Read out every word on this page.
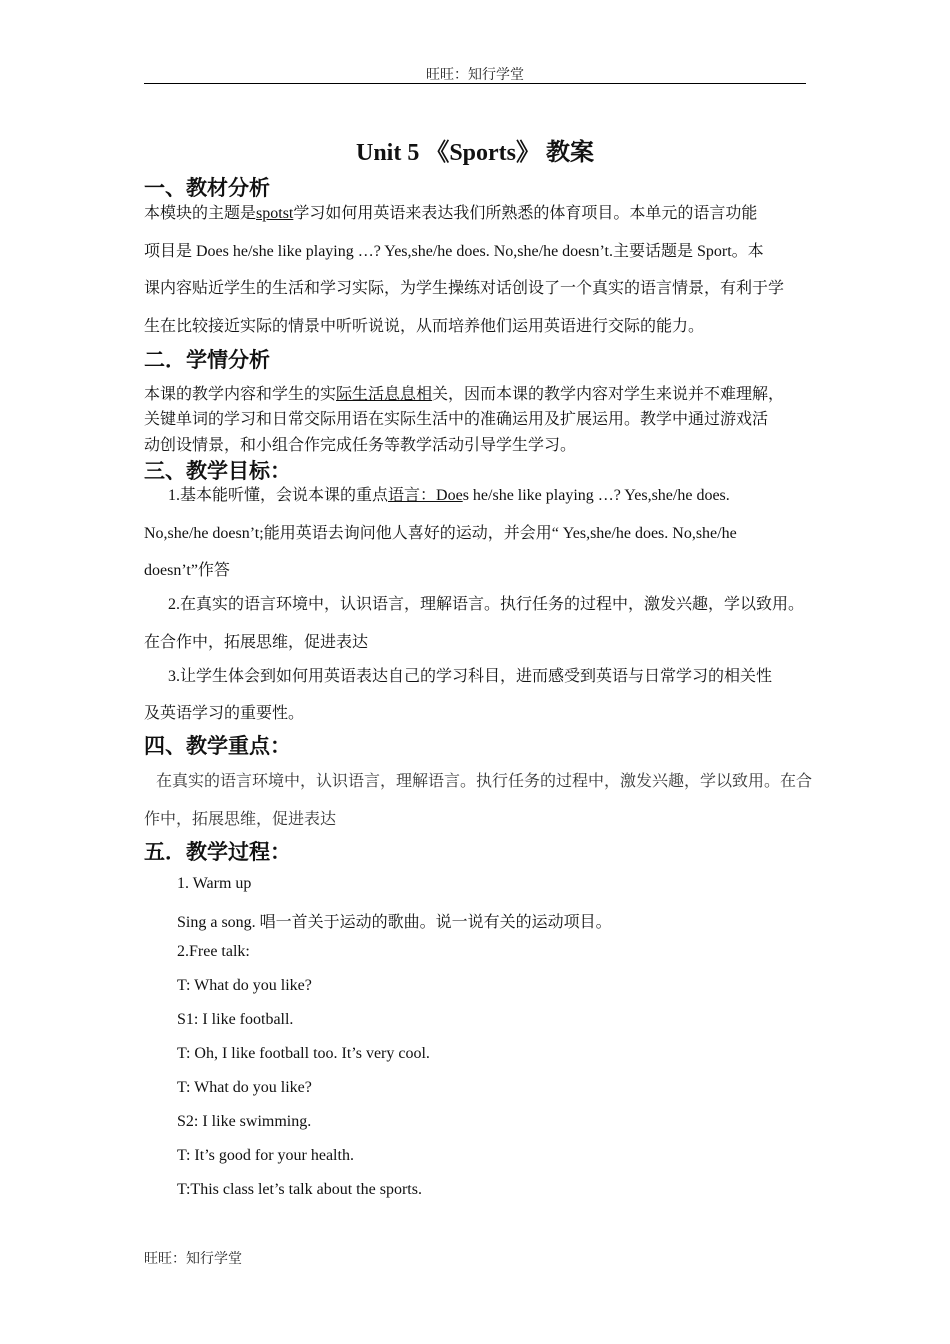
旺旺：知行学堂
Unit 5 《Sports》 教案
一、教材分析
本模块的主题是spotst学习如何用英语来表达我们所熟悉的体育项目。本单元的语言功能
项目是 Does he/she like playing …? Yes,she/he does. No,she/he doesn’t.主要话题是 Sport。本
课内容贴近学生的生活和学习实际，为学生操练对话创设了一个真实的语言情景，有利于学
生在比较接近实际的情景中听听说说，从而培养他们运用英语进行交际的能力。
二．学情分析
本课的教学内容和学生的实际生活息息相关，因而本课的教学内容对学生来说并不难理解，
关键单词的学习和日常交际用语在实际生活中的准确运用及扩展运用。教学中通过游戏活
动创设情景，和小组合作完成任务等教学活动引导学生学习。
三、教学目标：
1.基本能听懂，会说本课的重点语言：Does he/she like playing …? Yes,she/he does.
No,she/he doesn’t;能用英语去询问他人喜好的运动，并会用“ Yes,she/he does. No,she/he
doesn’t”作答
2.在真实的语言环境中，认识语言，理解语言。执行任务的过程中，激发兴趣，学以致用。
在合作中，拓展思维，促进表达
3.让学生体会到如何用英语表达自己的学习科目，进而感受到英语与日常学习的相关性
及英语学习的重要性。
四、教学重点：
在真实的语言环境中，认识语言，理解语言。执行任务的过程中，激发兴趣，学以致用。在合
作中，拓展思维，促进表达
五．教学过程：
1. Warm up
Sing a song. 唱一首关于运动的歌曲。说一说有关的运动项目。
2.Free talk:
T: What do you like?
S1: I like football.
T: Oh, I like football too. It’s very cool.
T: What do you like?
S2: I like swimming.
T: It’s good for your health.
T:This class let’s talk about the sports.
旺旺：知行学堂
